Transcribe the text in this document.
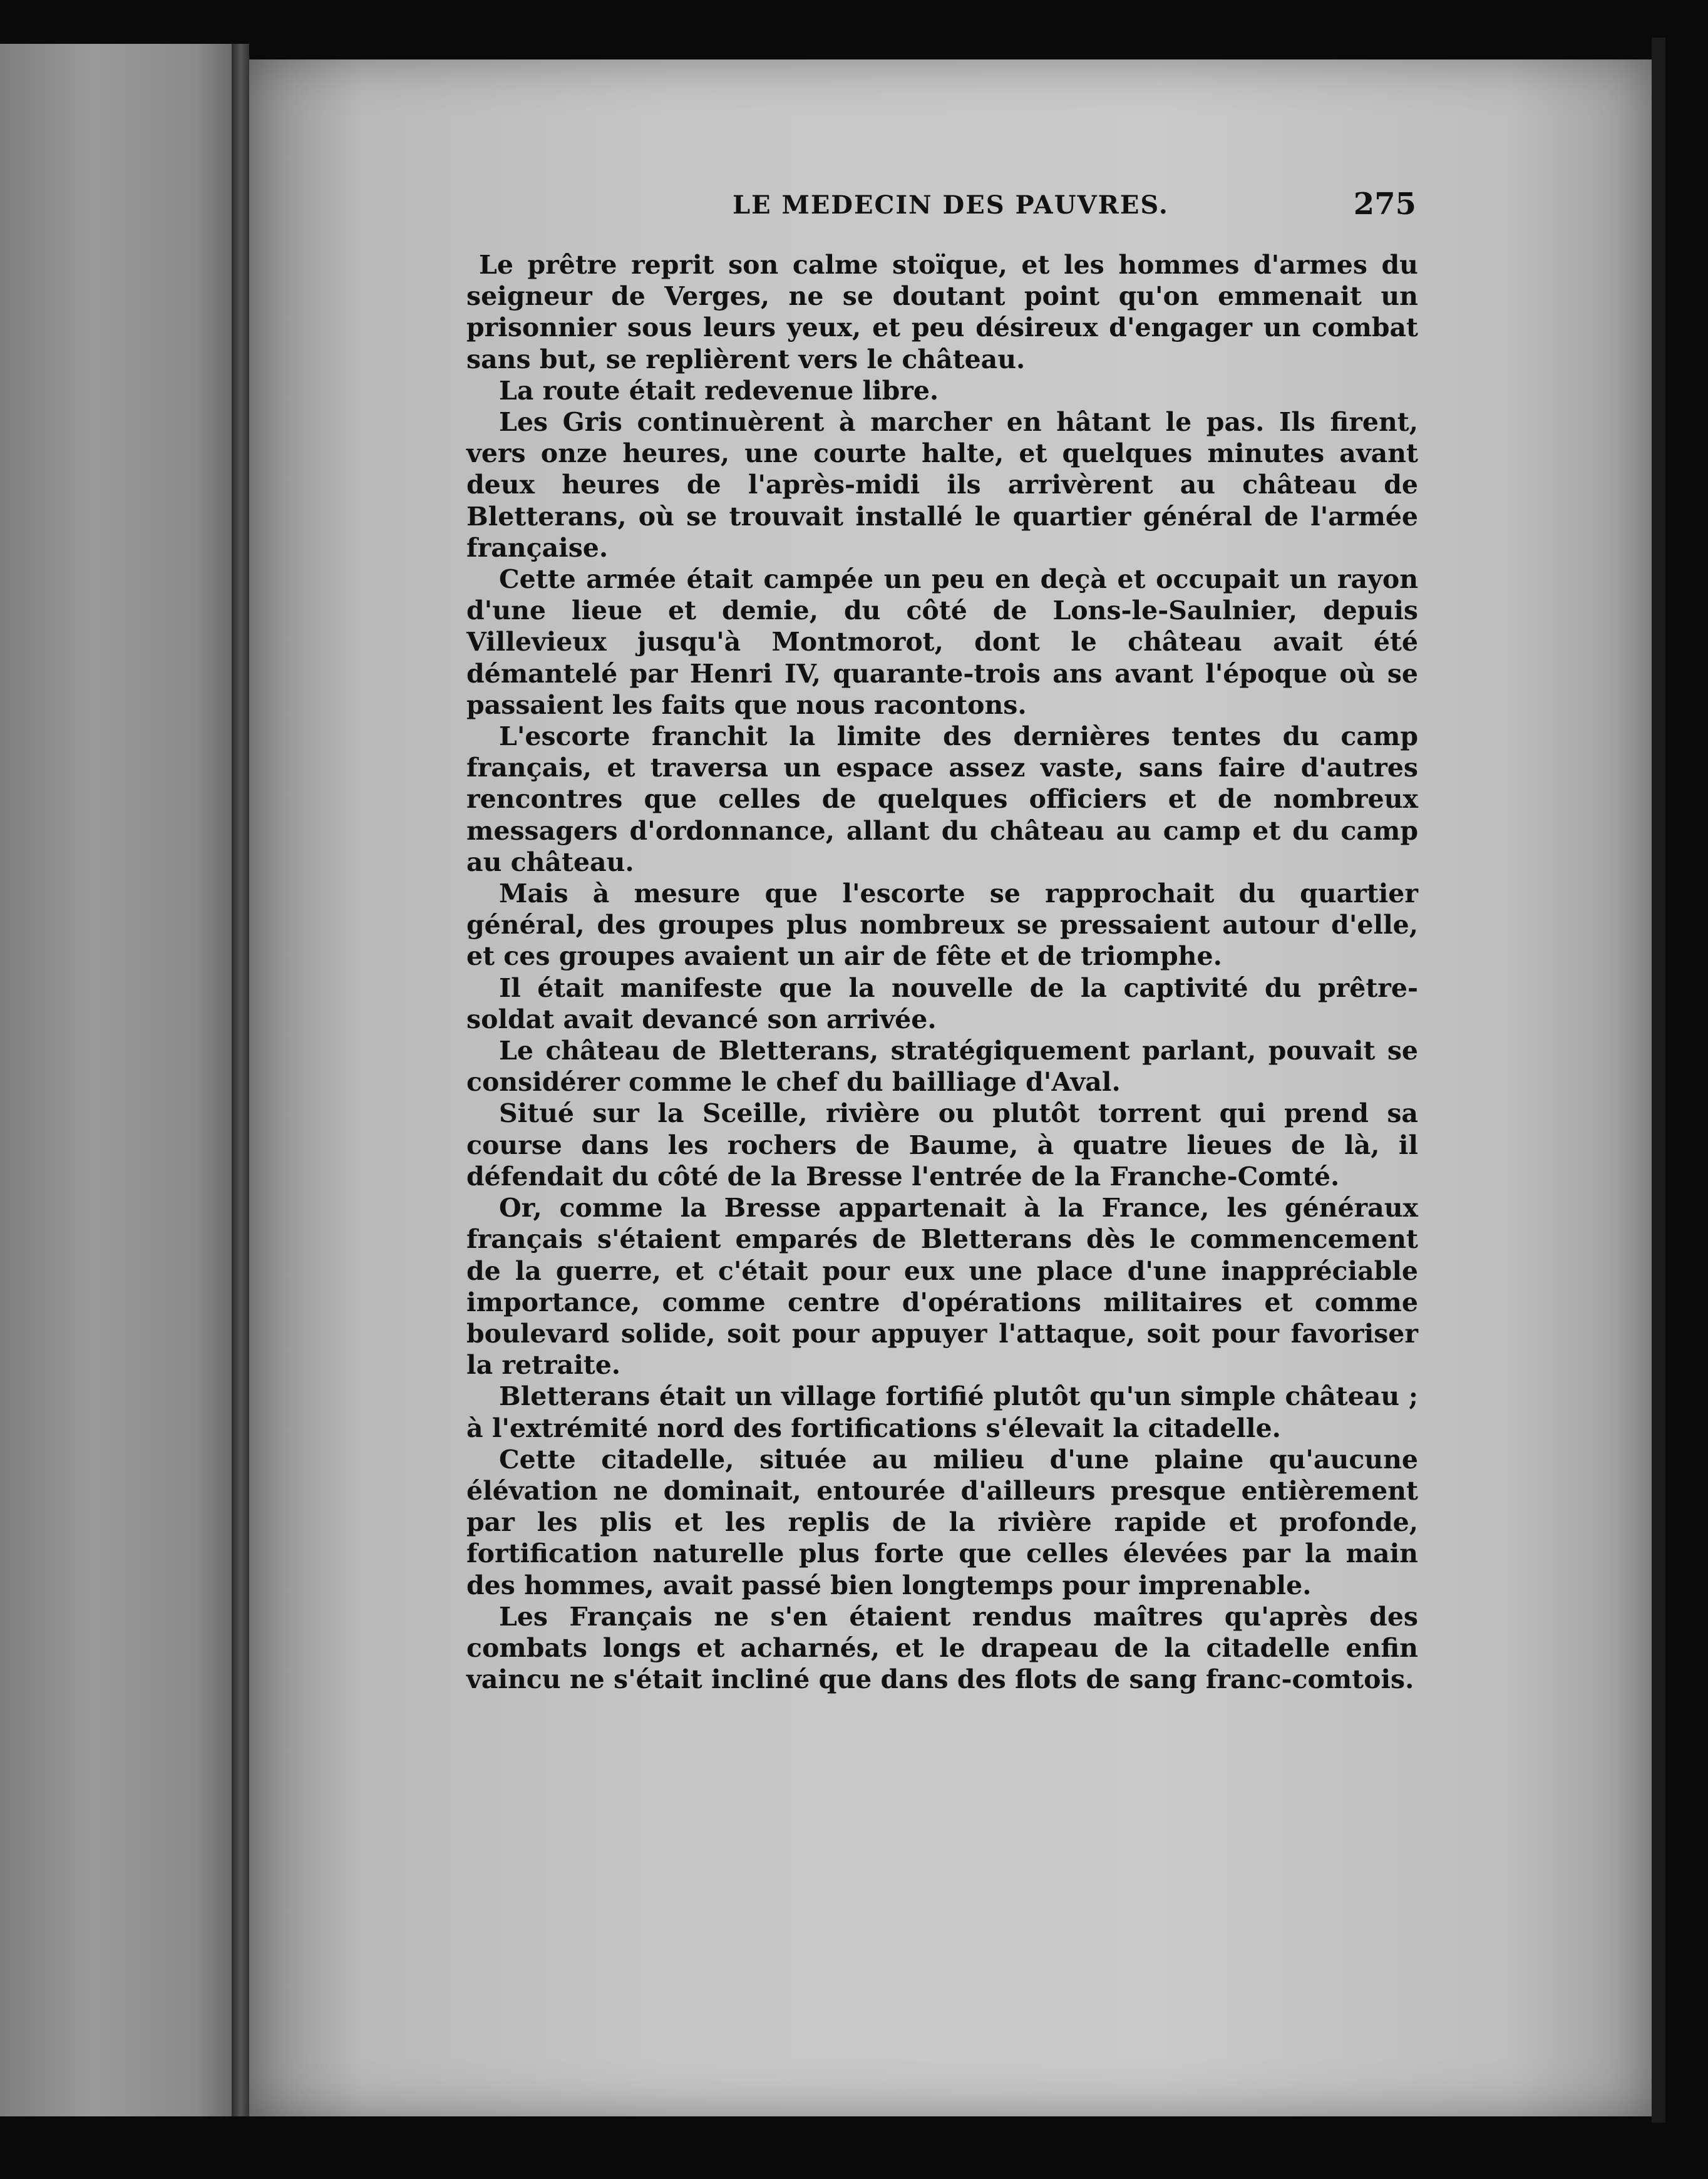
LE MEDECIN DES PAUVRES.	275

Le prêtre reprit son calme stoïque, et les hommes d'armes du seigneur de Verges, ne se doutant point qu'on emmenait un prisonnier sous leurs yeux, et peu désireux d'engager un combat sans but, se replièrent vers le château.

La route était redevenue libre.

Les Gris continuèrent à marcher en hâtant le pas. Ils firent, vers onze heures, une courte halte, et quelques minutes avant deux heures de l'après-midi ils arrivèrent au château de Bletterans, où se trouvait installé le quartier général de l'armée française.

Cette armée était campée un peu en deçà et occupait un rayon d'une lieue et demie, du côté de Lons-le-Saulnier, depuis Villevieux jusqu'à Montmorot, dont le château avait été démantelé par Henri IV, quarante-trois ans avant l'époque où se passaient les faits que nous racontons.

L'escorte franchit la limite des dernières tentes du camp français, et traversa un espace assez vaste, sans faire d'autres rencontres que celles de quelques officiers et de nombreux messagers d'ordonnance, allant du château au camp et du camp au château.

Mais à mesure que l'escorte se rapprochait du quartier général, des groupes plus nombreux se pressaient autour d'elle, et ces groupes avaient un air de fête et de triomphe.

Il était manifeste que la nouvelle de la captivité du prêtre-soldat avait devancé son arrivée.

Le château de Bletterans, stratégiquement parlant, pouvait se considérer comme le chef du bailliage d'Aval.

Situé sur la Sceille, rivière ou plutôt torrent qui prend sa course dans les rochers de Baume, à quatre lieues de là, il défendait du côté de la Bresse l'entrée de la Franche-Comté.

Or, comme la Bresse appartenait à la France, les généraux français s'étaient emparés de Bletterans dès le commencement de la guerre, et c'était pour eux une place d'une inappréciable importance, comme centre d'opérations militaires et comme boulevard solide, soit pour appuyer l'attaque, soit pour favoriser la retraite.

Bletterans était un village fortifié plutôt qu'un simple château ; à l'extrémité nord des fortifications s'élevait la citadelle.

Cette citadelle, située au milieu d'une plaine qu'aucune élévation ne dominait, entourée d'ailleurs presque entièrement par les plis et les replis de la rivière rapide et profonde, fortification naturelle plus forte que celles élevées par la main des hommes, avait passé bien longtemps pour imprenable.

Les Français ne s'en étaient rendus maîtres qu'après des combats longs et acharnés, et le drapeau de la citadelle enfin vaincu ne s'était incliné que dans des flots de sang franc-comtois.
